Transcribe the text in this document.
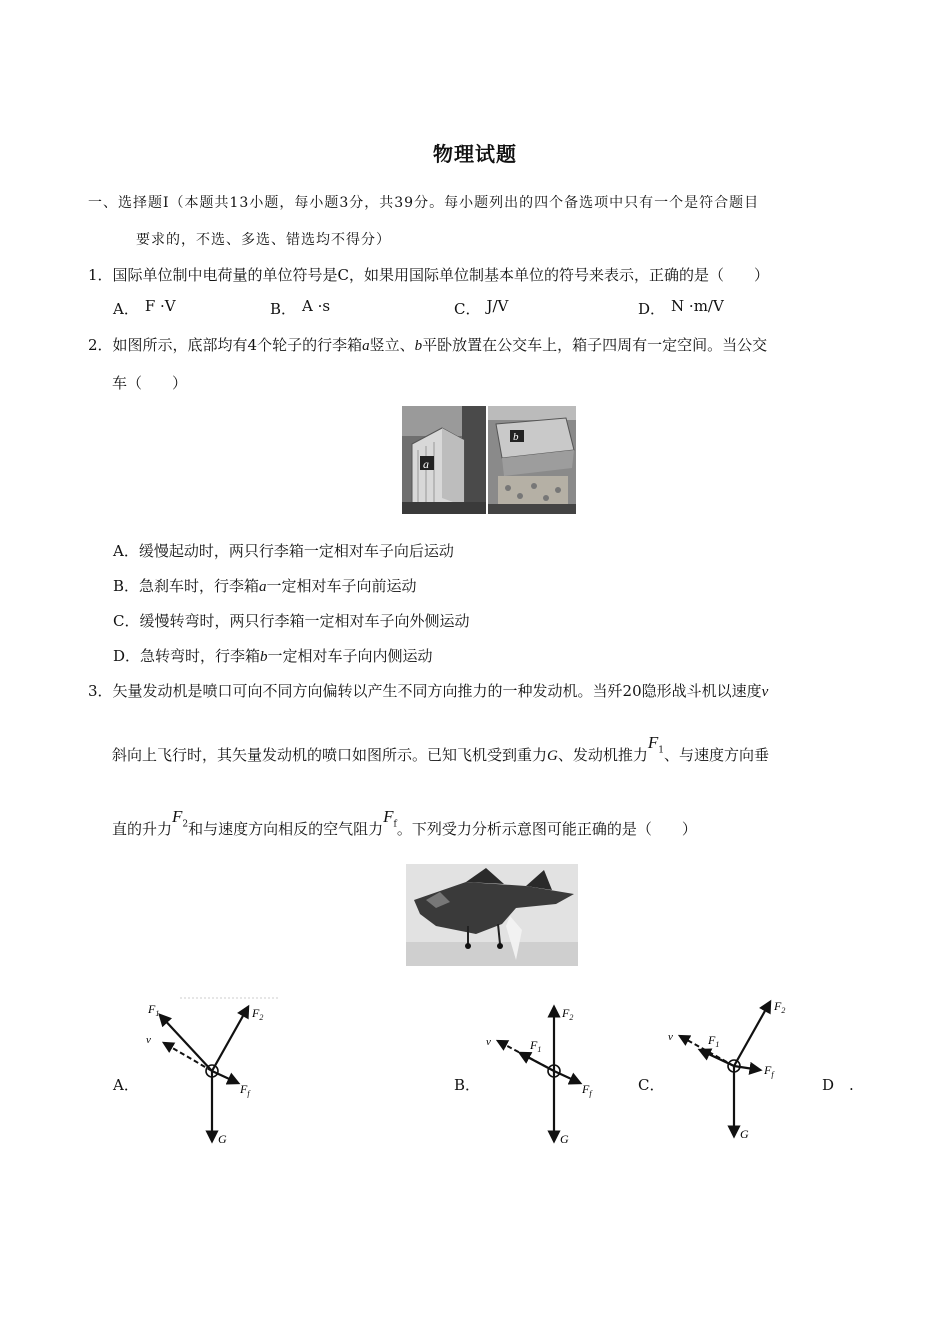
物理试题
一、选择题Ⅰ（本题共13小题，每小题3分，共39分。每小题列出的四个备选项中只有一个是符合题目
要求的，不选、多选、错选均不得分）
1．国际单位制中电荷量的单位符号是C，如果用国际单位制基本单位的符号来表示，正确的是（　　）
A． F ·V	B． A ·s	C． J/V	D． N ·m/V
2．如图所示，底部均有4个轮子的行李箱a竖立、b平卧放置在公交车上，箱子四周有一定空间。当公交
车（　　）
a
b
A．缓慢起动时，两只行李箱一定相对车子向后运动
B．急刹车时，行李箱a一定相对车子向前运动
C．缓慢转弯时，两只行李箱一定相对车子向外侧运动
D．急转弯时，行李箱b一定相对车子向内侧运动
3．矢量发动机是喷口可向不同方向偏转以产生不同方向推力的一种发动机。当歼20隐形战斗机以速度v
斜向上飞行时，其矢量发动机的喷口如图所示。已知飞机受到重力G、发动机推力$F_1$、与速度方向垂
直的升力$F_2$和与速度方向相反的空气阻力$F_f$。下列受力分析示意图可能正确的是（　　）
A．	B．	C．	D　.
$F_1$	$F_2$
v
$F_f$
G
$F_2$
v	$F_1$
$F_f$
G
$F_2$
v	$F_1$
$F_f$
G
